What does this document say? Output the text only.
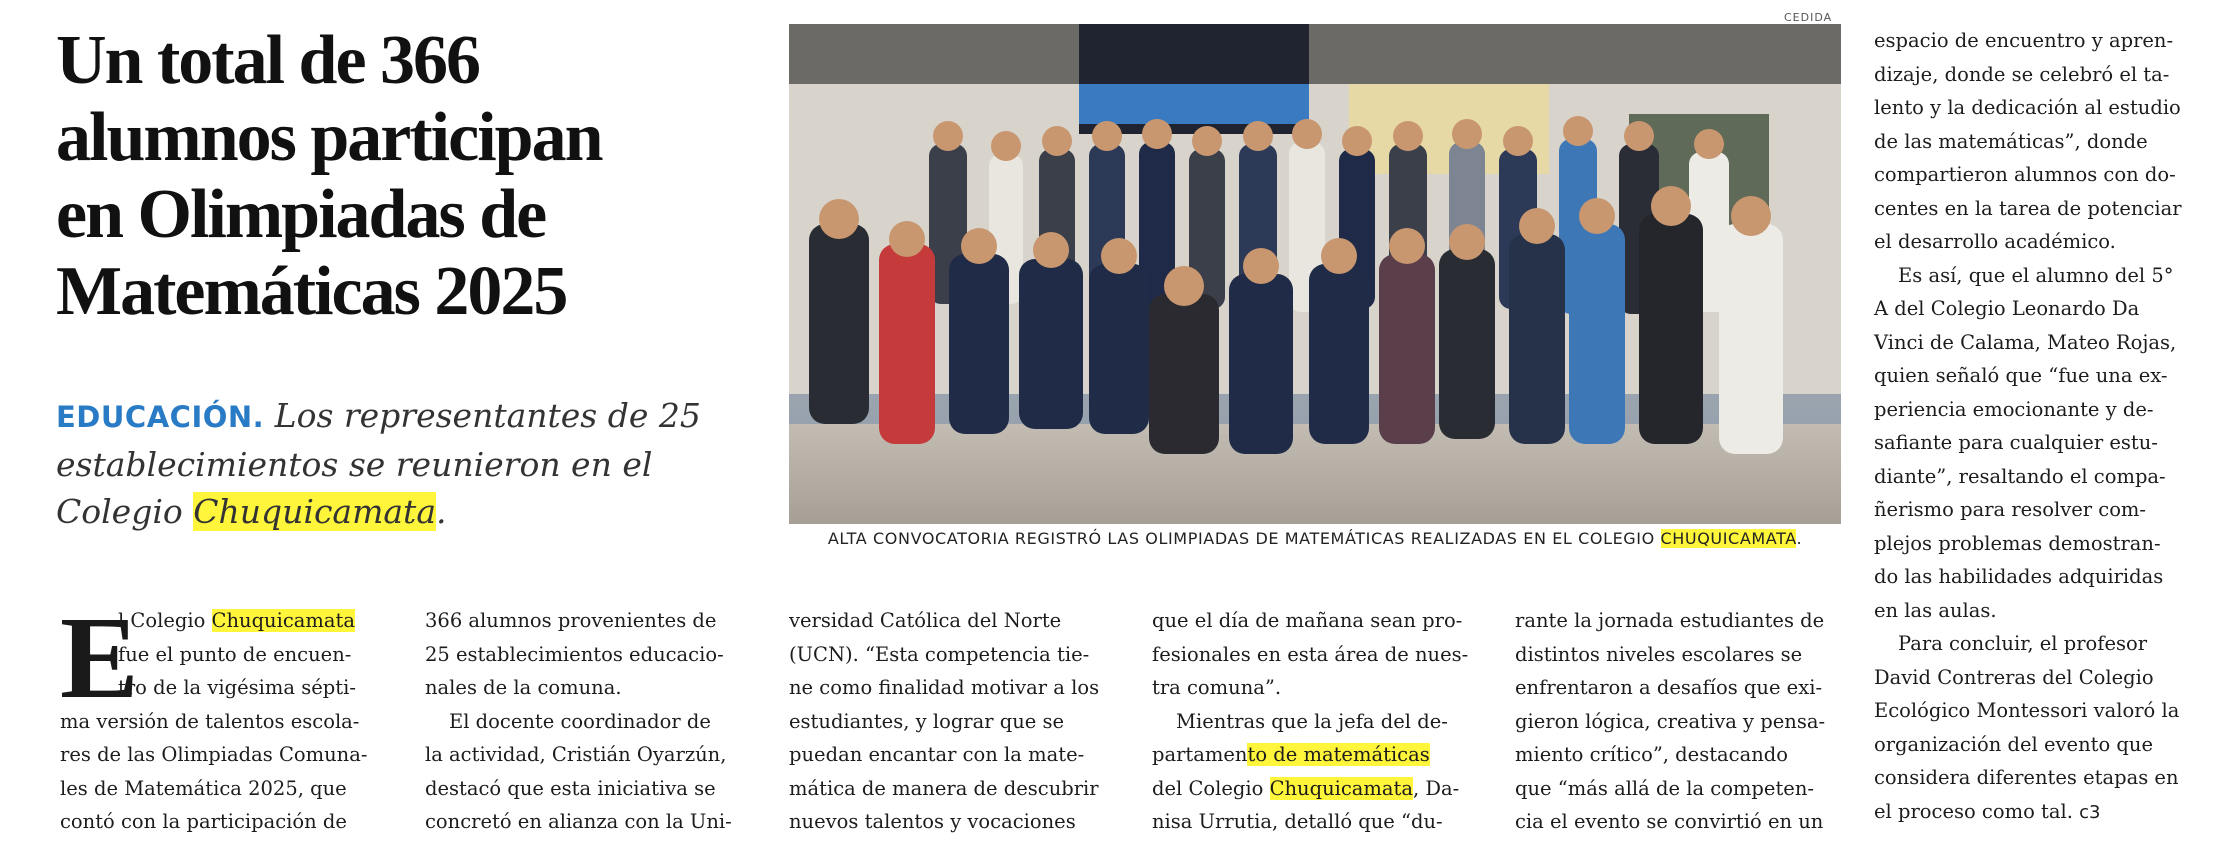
Un total de 366
alumnos participan
en Olimpiadas de
Matemáticas 2025
EDUCACIÓN. Los representantes de 25
establecimientos se reunieron en el
Colegio Chuquicamata.
CEDIDA
ALTA CONVOCATORIA REGISTRÓ LAS OLIMPIADAS DE MATEMÁTICAS REALIZADAS EN EL COLEGIO CHUQUICAMATA.
E
l Colegio Chuquicamata
fue el punto de encuen-
tro de la vigésima sépti-
ma versión de talentos escola-
res de las Olimpiadas Comuna-
les de Matemática 2025, que
contó con la participación de
366 alumnos provenientes de
25 establecimientos educacio-
nales de la comuna.
El docente coordinador de
la actividad, Cristián Oyarzún,
destacó que esta iniciativa se
concretó en alianza con la Uni-
versidad Católica del Norte
(UCN). “Esta competencia tie-
ne como finalidad motivar a los
estudiantes, y lograr que se
puedan encantar con la mate-
mática de manera de descubrir
nuevos talentos y vocaciones
que el día de mañana sean pro-
fesionales en esta área de nues-
tra comuna”.
Mientras que la jefa del de-
partamento de matemáticas
del Colegio Chuquicamata, Da-
nisa Urrutia, detalló que “du-
rante la jornada estudiantes de
distintos niveles escolares se
enfrentaron a desafíos que exi-
gieron lógica, creativa y pensa-
miento crítico”, destacando
que “más allá de la competen-
cia el evento se convirtió en un
espacio de encuentro y apren-
dizaje, donde se celebró el ta-
lento y la dedicación al estudio
de las matemáticas”, donde
compartieron alumnos con do-
centes en la tarea de potenciar
el desarrollo académico.
Es así, que el alumno del 5°
A del Colegio Leonardo Da
Vinci de Calama, Mateo Rojas,
quien señaló que “fue una ex-
periencia emocionante y de-
safiante para cualquier estu-
diante”, resaltando el compa-
ñerismo para resolver com-
plejos problemas demostran-
do las habilidades adquiridas
en las aulas.
Para concluir, el profesor
David Contreras del Colegio
Ecológico Montessori valoró la
organización del evento que
considera diferentes etapas en
el proceso como tal. ᴄ3
